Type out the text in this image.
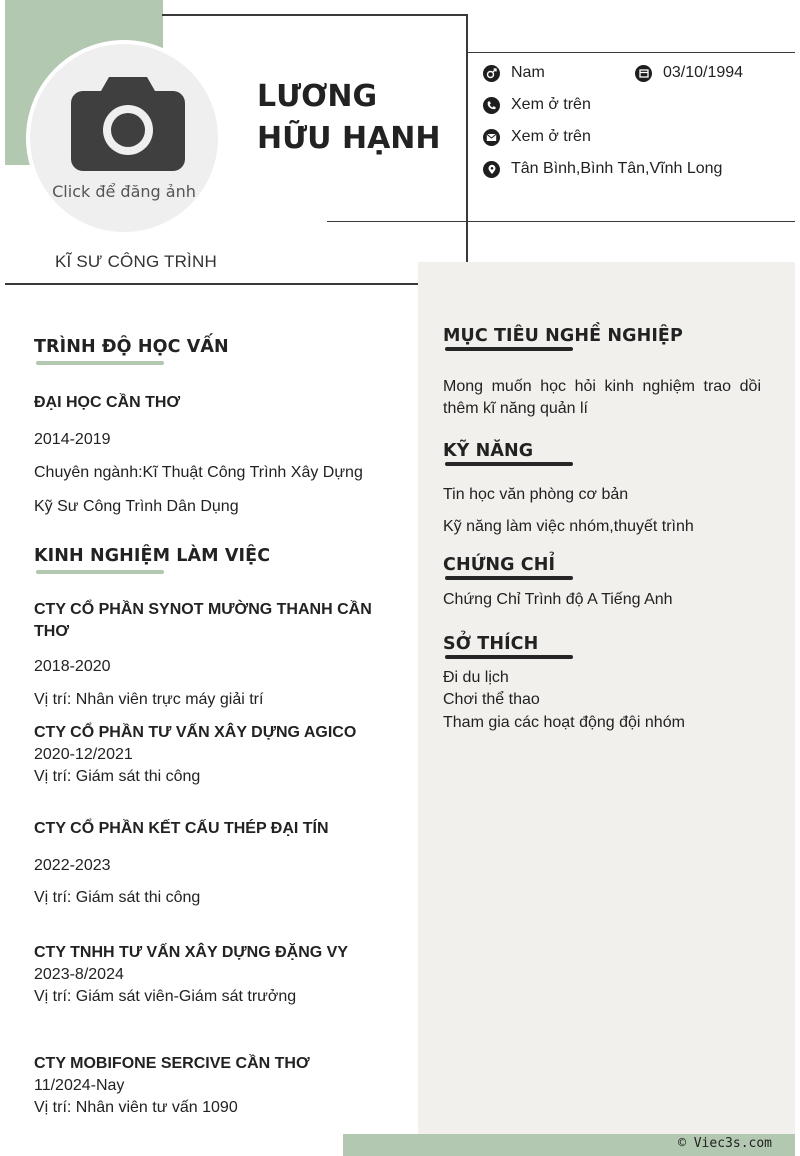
© Viec3s.com
Click để đăng ảnh
LƯƠNG HỮU HẠNH
KĨ SƯ CÔNG TRÌNH
Nam	03/10/1994
Xem ở trên
Xem ở trên
Tân Bình,Bình Tân,Vĩnh Long
TRÌNH ĐỘ HỌC VẤN
ĐẠI HỌC CẦN THƠ
2014-2019
Chuyên ngành:Kĩ Thuật Công Trình Xây Dựng
Kỹ Sư Công Trình Dân Dụng
KINH NGHIỆM LÀM VIỆC
CTY CỔ PHẦN SYNOT MƯỜNG THANH CẦN THƠ
2018-2020
Vị trí: Nhân viên trực máy giải trí
CTY CỔ PHẦN TƯ VẤN XÂY DỰNG AGICO
2020-12/2021
Vị trí: Giám sát thi công
CTY CỔ PHẦN KẾT CẤU THÉP ĐẠI TÍN
2022-2023
Vị trí: Giám sát thi công
CTY TNHH TƯ VẤN XÂY DỰNG ĐẶNG VY
2023-8/2024
Vị trí: Giám sát viên-Giám sát trưởng
CTY MOBIFONE SERCIVE CẦN THƠ
11/2024-Nay
Vị trí: Nhân viên tư vấn 1090
MỤC TIÊU NGHỀ NGHIỆP
Mong muốn học hỏi kinh nghiệm trao dồi thêm kĩ năng quản lí
KỸ NĂNG
Tin học văn phòng cơ bản
Kỹ năng làm việc nhóm,thuyết trình
CHỨNG CHỈ
Chứng Chỉ Trình độ A Tiếng Anh
SỞ THÍCH
Đi du lịch
Chơi thể thao
Tham gia các hoạt động đội nhóm
